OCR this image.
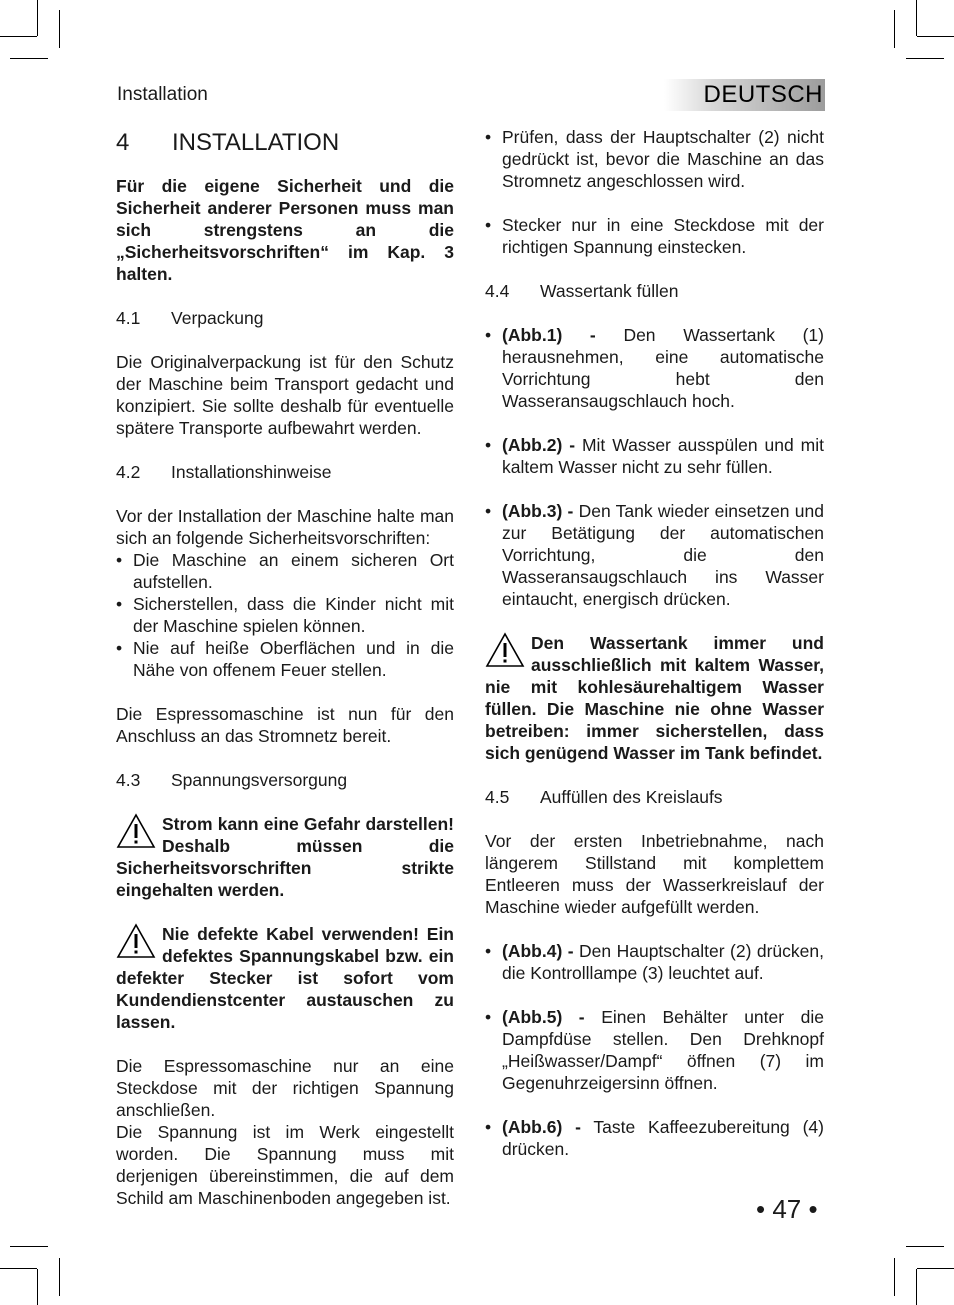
Installation	DEUTSCH
4 INSTALLATION

Für die eigene Sicherheit und die Sicherheit anderer Personen muss man sich strengstens an die „Sicherheitsvorschriften“ im Kap. 3 halten.

4.1 Verpackung

Die Originalverpackung ist für den Schutz der Maschine beim Transport gedacht und konzipiert. Sie sollte deshalb für eventuelle spätere Transporte aufbewahrt werden.

4.2 Installationshinweise

Vor der Installation der Maschine halte man sich an folgende Sicherheitsvorschriften:

• Die Maschine an einem sicheren Ort aufstellen.
• Sicherstellen, dass die Kinder nicht mit der Maschine spielen können.
• Nie auf heiße Oberflächen und in die Nähe von offenem Feuer stellen.

Die Espressomaschine ist nun für den Anschluss an das Stromnetz bereit.

4.3 Spannungsversorgung
Strom kann eine Gefahr darstellen! Deshalb müssen die Sicherheitsvorschriften strikte eingehalten werden.
Nie defekte Kabel verwenden! Ein defektes Spannungskabel bzw. ein defekter Stecker ist sofort vom Kundendienstcenter austauschen zu lassen.

Die Espressomaschine nur an eine Steckdose mit der richtigen Spannung anschließen.

Die Spannung ist im Werk eingestellt worden. Die Spannung muss mit derjenigen übereinstimmen, die auf dem Schild am Maschinenboden angegeben ist.

• Prüfen, dass der Hauptschalter (2) nicht gedrückt ist, bevor die Maschine an das Stromnetz angeschlossen wird.
• Stecker nur in eine Steckdose mit der richtigen Spannung einstecken.
4.4 Wassertank füllen
• (Abb.1) - Den Wassertank (1) herausnehmen, eine automatische Vorrichtung hebt den Wasseransaugschlauch hoch.
• (Abb.2) - Mit Wasser ausspülen und mit kaltem Wasser nicht zu sehr füllen.
• (Abb.3) - Den Tank wieder einsetzen und zur Betätigung der automatischen Vorrichtung, die den Wasseransaugschlauch ins Wasser eintaucht, energisch drücken.
Den Wassertank immer und ausschließlich mit kaltem Wasser, nie mit kohlesäurehaltigem Wasser füllen. Die Maschine nie ohne Wasser betreiben: immer sicherstellen, dass sich genügend Wasser im Tank befindet.
4.5 Auffüllen des Kreislaufs

Vor der ersten Inbetriebnahme, nach längerem Stillstand mit komplettem Entleeren muss der Wasserkreislauf der Maschine wieder aufgefüllt werden.

• (Abb.4) - Den Hauptschalter (2) drücken, die Kontrolllampe (3) leuchtet auf.
• (Abb.5) - Einen Behälter unter die Dampfdüse stellen. Den Drehknopf „Heißwasser/Dampf“ öffnen (7) im Gegenuhrzeigersinn öffnen.
• (Abb.6) - Taste Kaffeezubereitung (4) drücken.
• 47 •
